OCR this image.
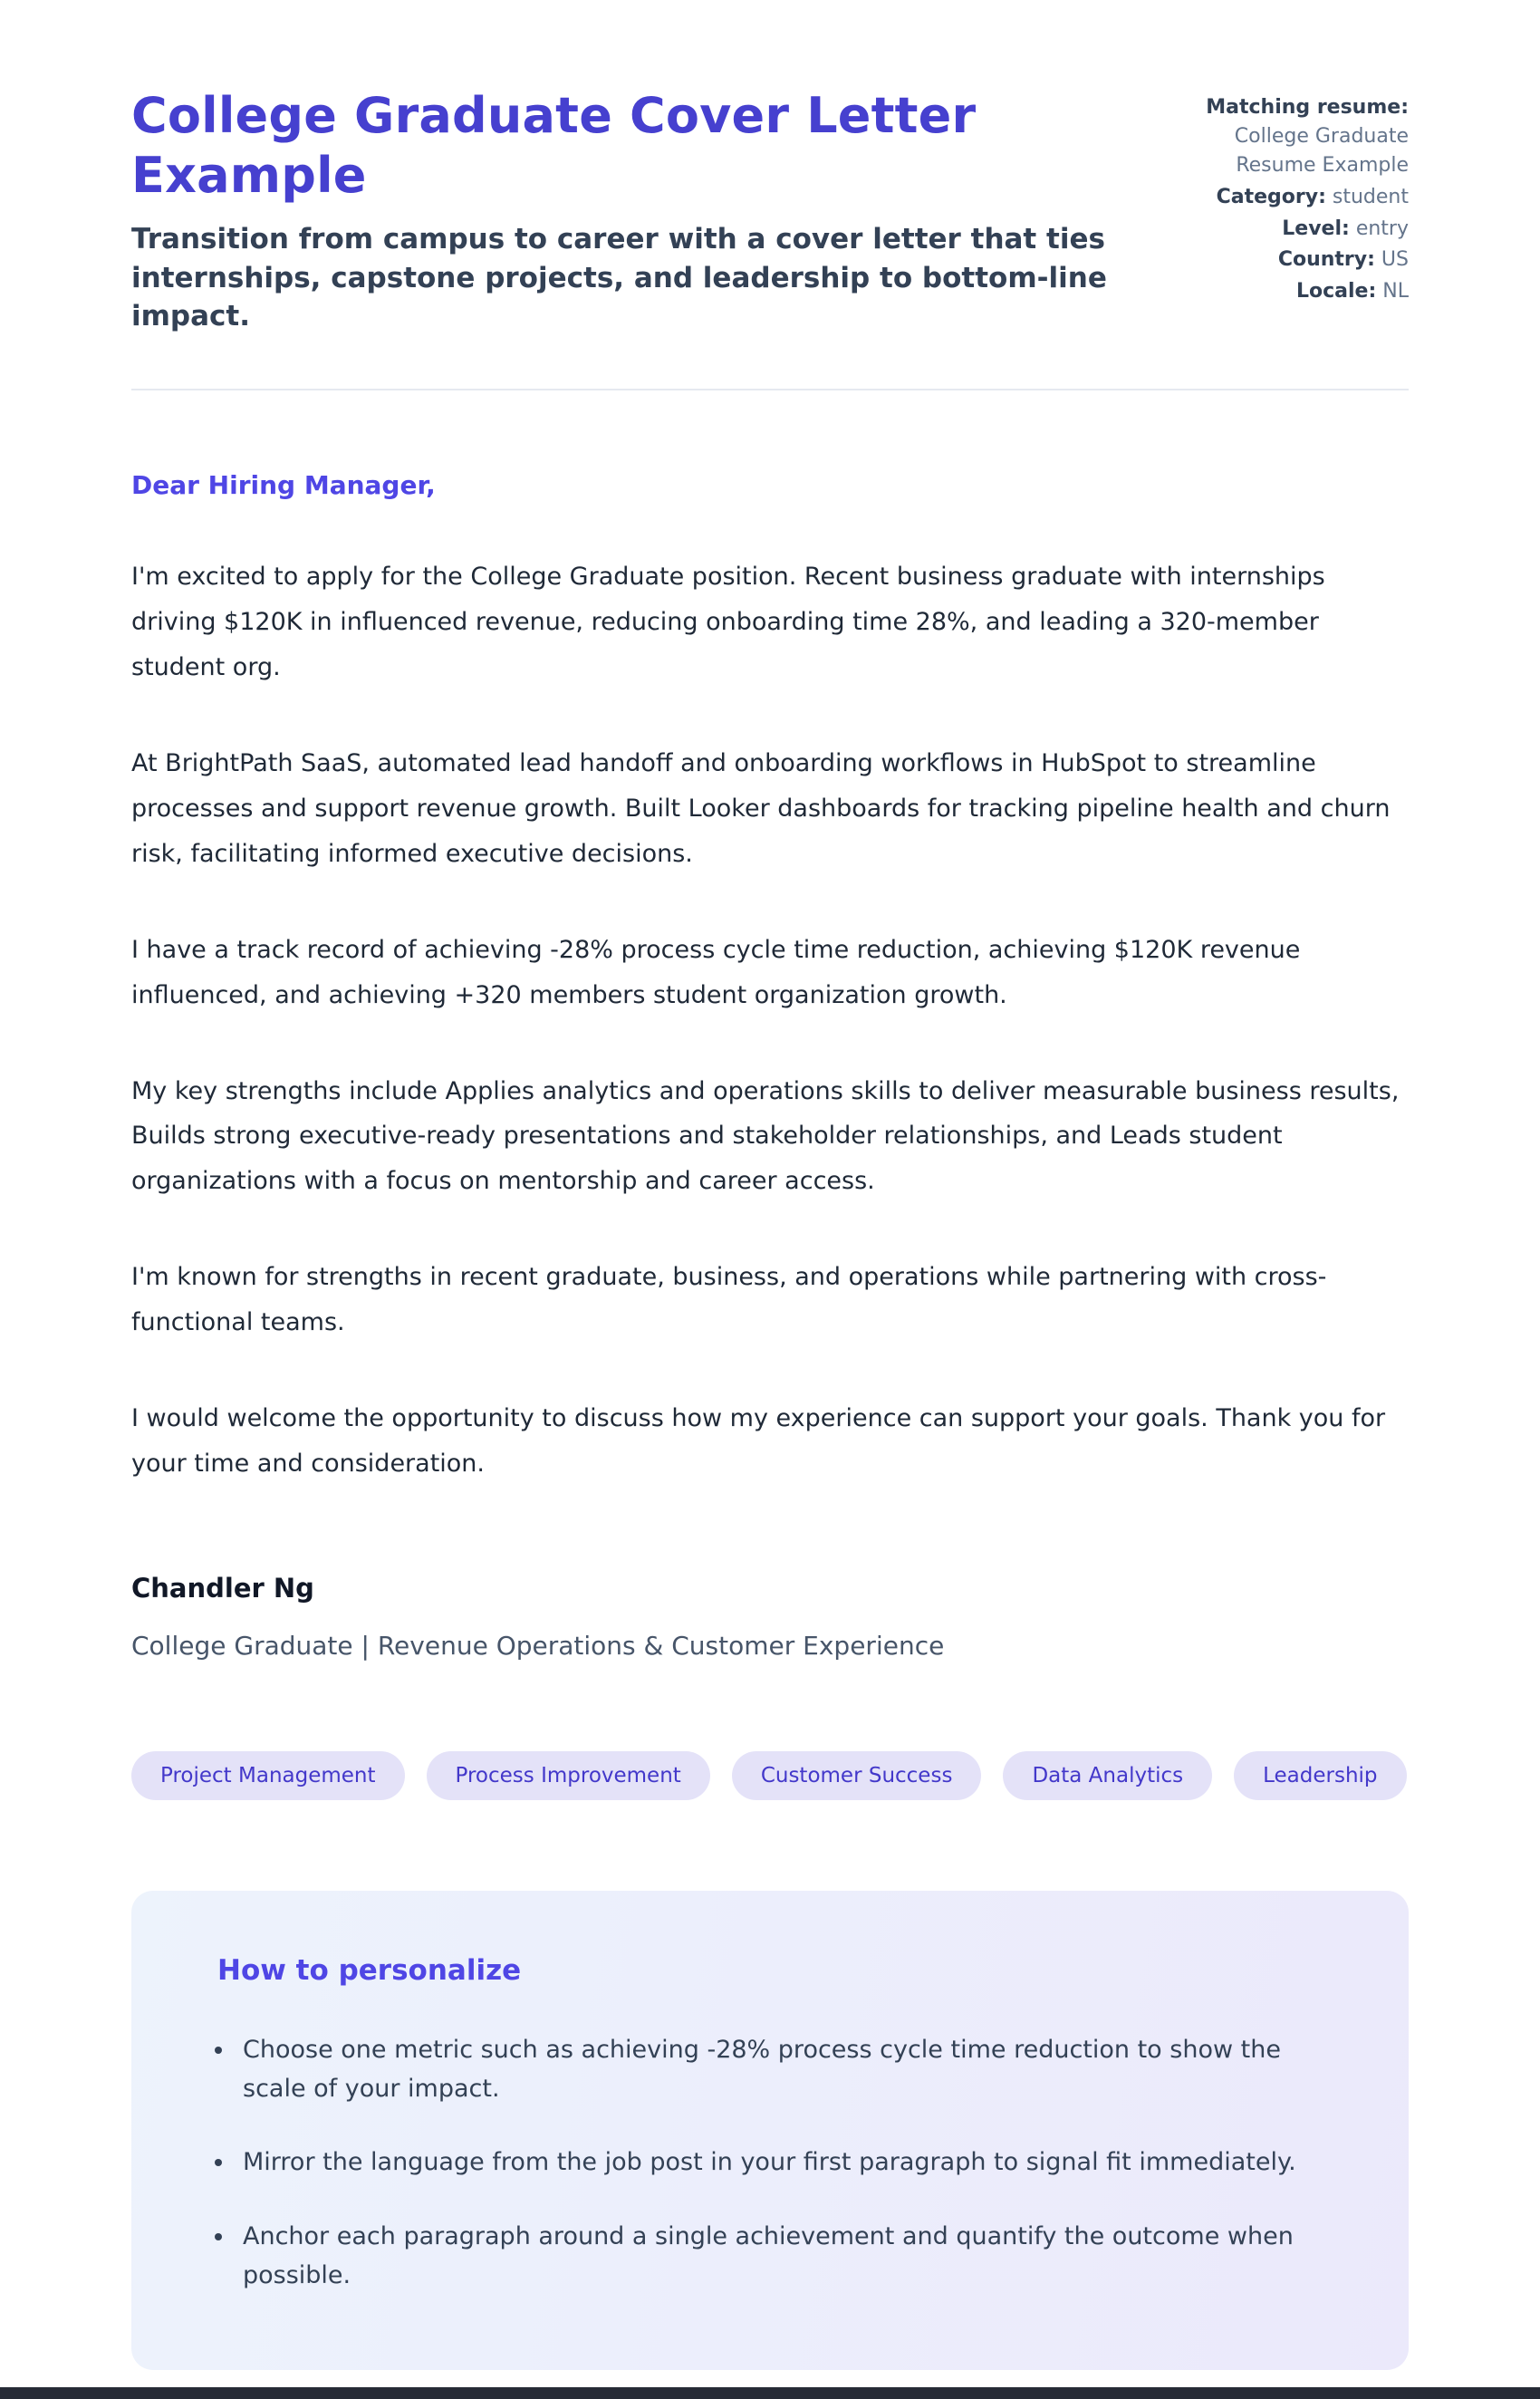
College Graduate Cover Letter Example
Transition from campus to career with a cover letter that ties internships, capstone projects, and leadership to bottom-line impact.
Matching resume: College Graduate Resume Example
Category: student
Level: entry
Country: US
Locale: NL
Dear Hiring Manager,

I'm excited to apply for the College Graduate position. Recent business graduate with internships driving $120K in influenced revenue, reducing onboarding time 28%, and leading a 320-member student org.

At BrightPath SaaS, automated lead handoff and onboarding workflows in HubSpot to streamline processes and support revenue growth. Built Looker dashboards for tracking pipeline health and churn risk, facilitating informed executive decisions.

I have a track record of achieving -28% process cycle time reduction, achieving $120K revenue influenced, and achieving +320 members student organization growth.

My key strengths include Applies analytics and operations skills to deliver measurable business results, Builds strong executive-ready presentations and stakeholder relationships, and Leads student organizations with a focus on mentorship and career access.

I'm known for strengths in recent graduate, business, and operations while partnering with cross-functional teams.

I would welcome the opportunity to discuss how my experience can support your goals. Thank you for your time and consideration.

Chandler Ng
College Graduate | Revenue Operations & Customer Experience
Project Management	Process Improvement	Customer Success	Data Analytics	Leadership
How to personalize
• Choose one metric such as achieving -28% process cycle time reduction to show the scale of your impact.
• Mirror the language from the job post in your first paragraph to signal fit immediately.
• Anchor each paragraph around a single achievement and quantify the outcome when possible.
